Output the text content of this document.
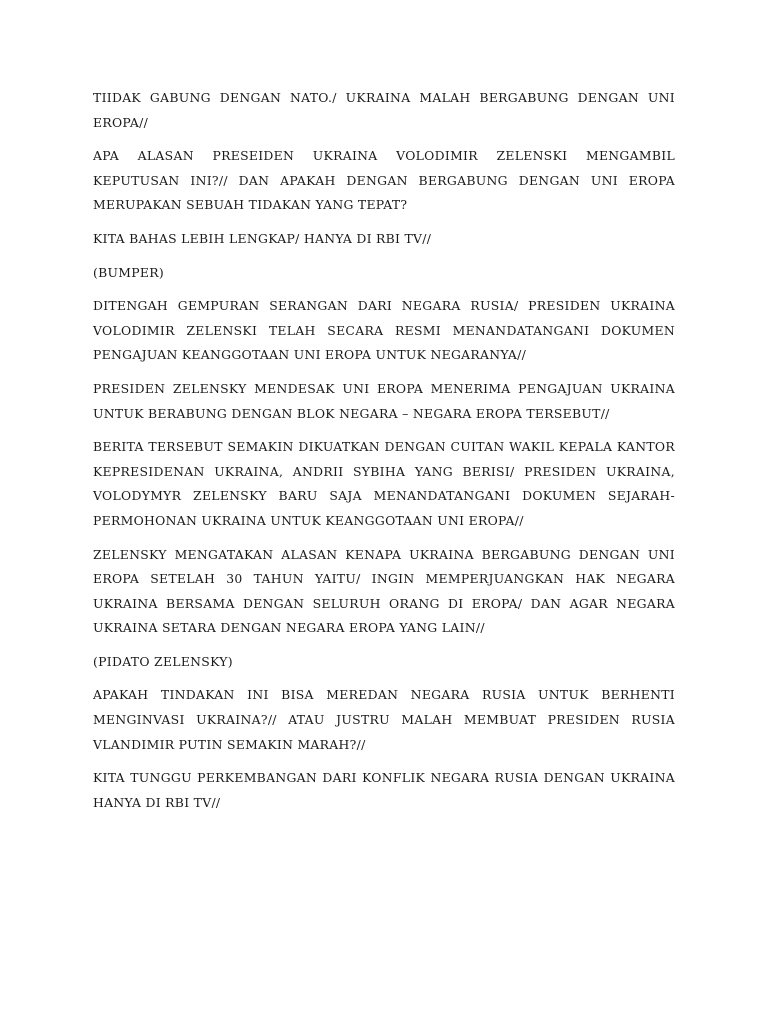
TIIDAK GABUNG DENGAN NATO./ UKRAINA MALAH BERGABUNG DENGAN UNI EROPA//

APA ALASAN PRESEIDEN UKRAINA VOLODIMIR ZELENSKI MENGAMBIL KEPUTUSAN INI?// DAN APAKAH DENGAN BERGABUNG DENGAN UNI EROPA MERUPAKAN SEBUAH TIDAKAN YANG TEPAT?

KITA BAHAS LEBIH LENGKAP/ HANYA DI RBI TV//

(BUMPER)

DITENGAH GEMPURAN SERANGAN DARI NEGARA RUSIA/ PRESIDEN UKRAINA VOLODIMIR ZELENSKI TELAH SECARA RESMI MENANDATANGANI DOKUMEN PENGAJUAN KEANGGOTAAN UNI EROPA UNTUK NEGARANYA//

PRESIDEN ZELENSKY MENDESAK UNI EROPA MENERIMA PENGAJUAN UKRAINA UNTUK BERABUNG DENGAN BLOK NEGARA – NEGARA EROPA TERSEBUT//

BERITA TERSEBUT SEMAKIN DIKUATKAN DENGAN CUITAN WAKIL KEPALA KANTOR KEPRESIDENAN UKRAINA, ANDRII SYBIHA YANG BERISI/ PRESIDEN UKRAINA, VOLODYMYR ZELENSKY BARU SAJA MENANDATANGANI DOKUMEN SEJARAH-PERMOHONAN UKRAINA UNTUK KEANGGOTAAN UNI EROPA//

ZELENSKY MENGATAKAN ALASAN KENAPA UKRAINA BERGABUNG DENGAN UNI EROPA SETELAH 30 TAHUN YAITU/ INGIN MEMPERJUANGKAN HAK NEGARA UKRAINA BERSAMA DENGAN SELURUH ORANG DI EROPA/ DAN AGAR NEGARA UKRAINA SETARA DENGAN NEGARA EROPA YANG LAIN//

(PIDATO ZELENSKY)

APAKAH TINDAKAN INI BISA MEREDAN NEGARA RUSIA UNTUK BERHENTI MENGINVASI UKRAINA?// ATAU JUSTRU MALAH MEMBUAT PRESIDEN RUSIA VLANDIMIR PUTIN SEMAKIN MARAH?//

KITA TUNGGU PERKEMBANGAN DARI KONFLIK NEGARA RUSIA DENGAN UKRAINA HANYA DI RBI TV//
